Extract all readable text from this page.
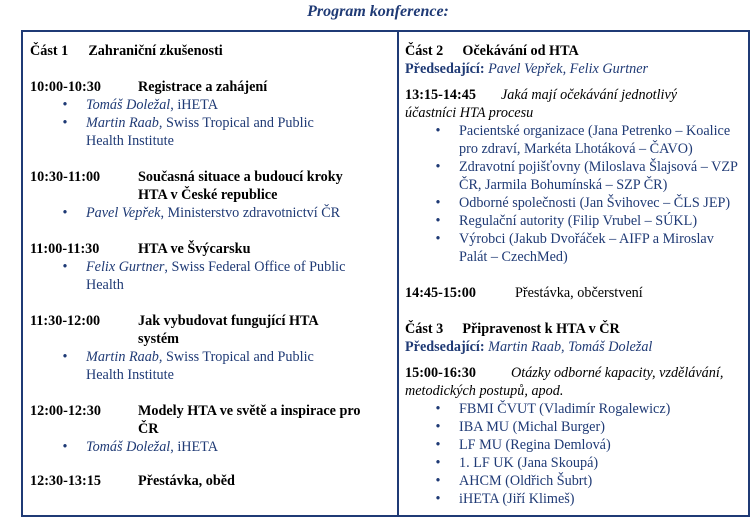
Program konference:
Část 1 Zahraniční zkušenosti
10:00-10:30	Registrace a zahájení
• Tomáš Doležal, iHETA
• Martin Raab, Swiss Tropical and Public Health Institute
10:30-11:00	Současná situace a budoucí kroky HTA v České republice
• Pavel Vepřek, Ministerstvo zdravotnictví ČR
11:00-11:30	HTA ve Švýcarsku
• Felix Gurtner, Swiss Federal Office of Public Health
11:30-12:00	Jak vybudovat fungující HTA systém
• Martin Raab, Swiss Tropical and Public Health Institute
12:00-12:30	Modely HTA ve světě a inspirace pro ČR
• Tomáš Doležal, iHETA
12:30-13:15	Přestávka, oběd
Část 2 Očekávání od HTA
Předsedající: Pavel Vepřek, Felix Gurtner
13:15-14:45	Jaká mají očekávání jednotlivý účastníci HTA procesu
• Pacientské organizace (Jana Petrenko – Koalice pro zdraví, Markéta Lhotáková – ČAVO)
• Zdravotní pojišťovny (Miloslava Šlajsová – VZP ČR, Jarmila Bohumínská – SZP ČR)
• Odborné společnosti (Jan Švihovec – ČLS JEP)
• Regulační autority (Filip Vrubel – SÚKL)
• Výrobci (Jakub Dvořáček – AIFP a Miroslav Palát – CzechMed)
14:45-15:00	Přestávka, občerstvení
Část 3 Připravenost k HTA v ČR
Předsedající: Martin Raab, Tomáš Doležal
15:00-16:30	Otázky odborné kapacity, vzdělávání, metodických postupů, apod.
• FBMI ČVUT (Vladimír Rogalewicz)
• IBA MU (Michal Burger)
• LF MU (Regina Demlová)
• 1. LF UK (Jana Skoupá)
• AHCM (Oldřich Šubrt)
• iHETA (Jiří Klimeš)
